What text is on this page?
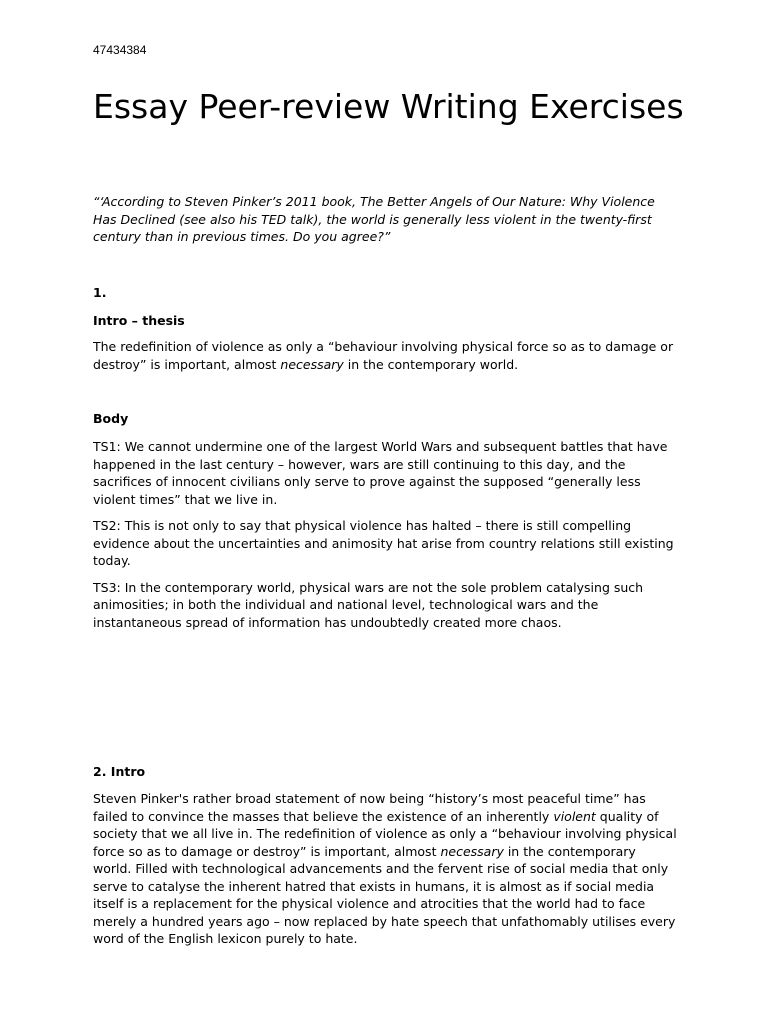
47434384
Essay Peer-review Writing Exercises

“‘According to Steven Pinker’s 2011 book, The Better Angels of Our Nature: Why Violence Has Declined (see also his TED talk), the world is generally less violent in the twenty-first century than in previous times. Do you agree?”

1.

Intro – thesis

The redefinition of violence as only a “behaviour involving physical force so as to damage or destroy” is important, almost necessary in the contemporary world.

Body

TS1: We cannot undermine one of the largest World Wars and subsequent battles that have happened in the last century – however, wars are still continuing to this day, and the sacrifices of innocent civilians only serve to prove against the supposed “generally less violent times” that we live in.

TS2: This is not only to say that physical violence has halted – there is still compelling evidence about the uncertainties and animosity hat arise from country relations still existing today.

TS3: In the contemporary world, physical wars are not the sole problem catalysing such animosities; in both the individual and national level, technological wars and the instantaneous spread of information has undoubtedly created more chaos.

2. Intro

Steven Pinker's rather broad statement of now being “history’s most peaceful time” has failed to convince the masses that believe the existence of an inherently violent quality of society that we all live in. The redefinition of violence as only a “behaviour involving physical force so as to damage or destroy” is important, almost necessary in the contemporary world. Filled with technological advancements and the fervent rise of social media that only serve to catalyse the inherent hatred that exists in humans, it is almost as if social media itself is a replacement for the physical violence and atrocities that the world had to face merely a hundred years ago – now replaced by hate speech that unfathomably utilises every word of the English lexicon purely to hate.
